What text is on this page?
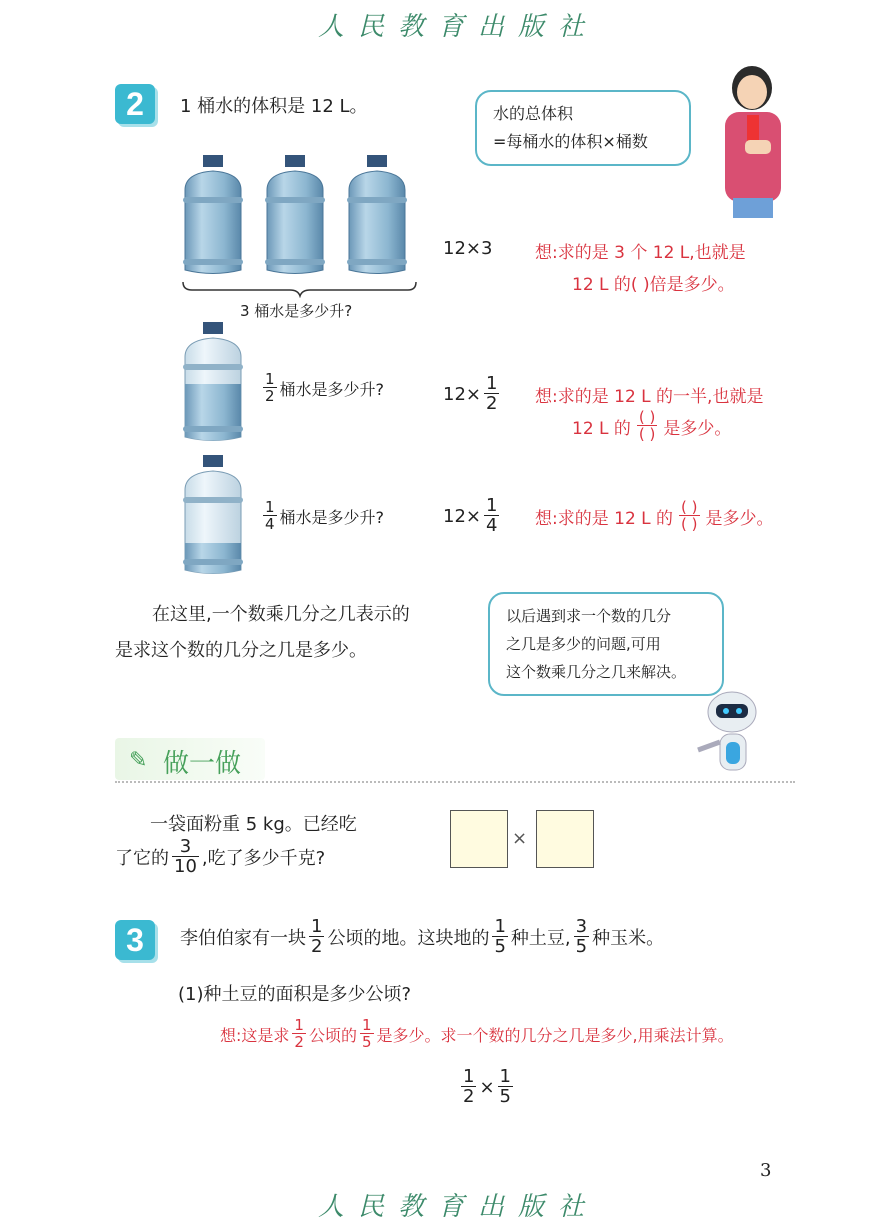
人民教育出版社
2	1 桶水的体积是 12 L。	水的总体积
=每桶水的体积×桶数
3 桶水是多少升?
12×3	想:求的是 3 个 12 L,也就是
12 L 的( )倍是多少。
$\frac{1}{2}$ 桶水是多少升?	$12\times \frac{1}{2}$ 想:求的是 12 L 的一半,也就是
12 L 的 $\frac{( )}{( )}$ 是多少。
$\frac{1}{4}$ 桶水是多少升?	$12\times \frac{1}{4}$ 想:求的是 12 L 的 $\frac{( )}{( )}$ 是多少。
在这里,一个数乘几分之几表示的
是求这个数的几分之几是多少。
以后遇到求一个数的几分
之几是多少的问题,可用
这个数乘几分之几来解决。
✎ 做一做
一袋面粉重 5 kg。已经吃
了它的 $\frac{3}{10}$ ,吃了多少千克?
×
3	李伯伯家有一块 $\frac{1}{2}$ 公顷的地。这块地的 $\frac{1}{5}$ 种土豆, $\frac{3}{5}$ 种玉米。
(1)种土豆的面积是多少公顷?
想:这是求 $\frac{1}{2}$ 公顷的 $\frac{1}{5}$ 是多少。求一个数的几分之几是多少,用乘法计算。
$\frac{1}{2} \times \frac{1}{5}$
3
人民教育出版社
